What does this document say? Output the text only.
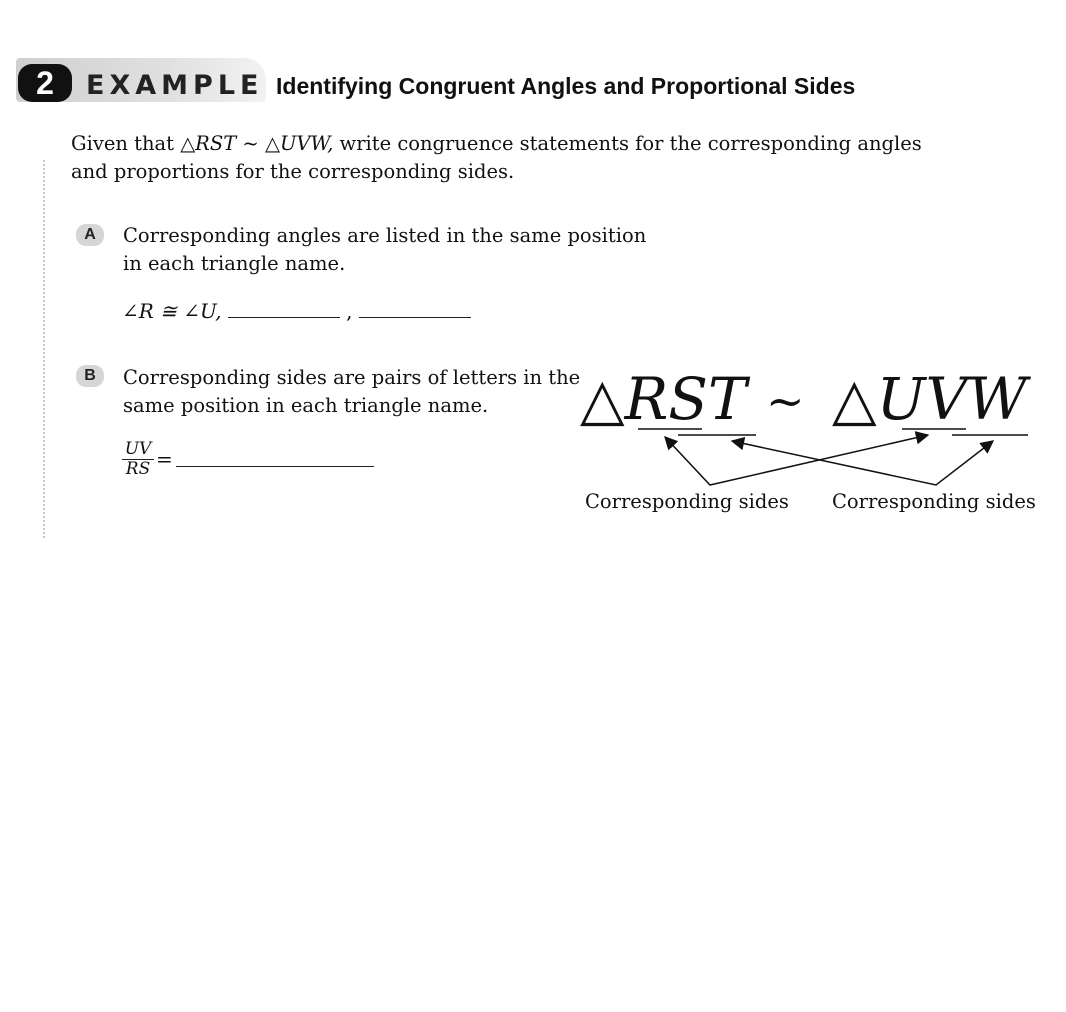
2	EXAMPLE Identifying Congruent Angles and Proportional Sides

Given that △RST ~ △UVW, write congruence statements for the corresponding angles

and proportions for the corresponding sides.

A	Corresponding angles are listed in the same position

in each triangle name.

∠R ≅ ∠U,	,
B	Corresponding sides are pairs of letters in the

same position in each triangle name.

$\frac{UV}{RS}$ =
△RST ~ △UVW
Corresponding sides Corresponding sides
